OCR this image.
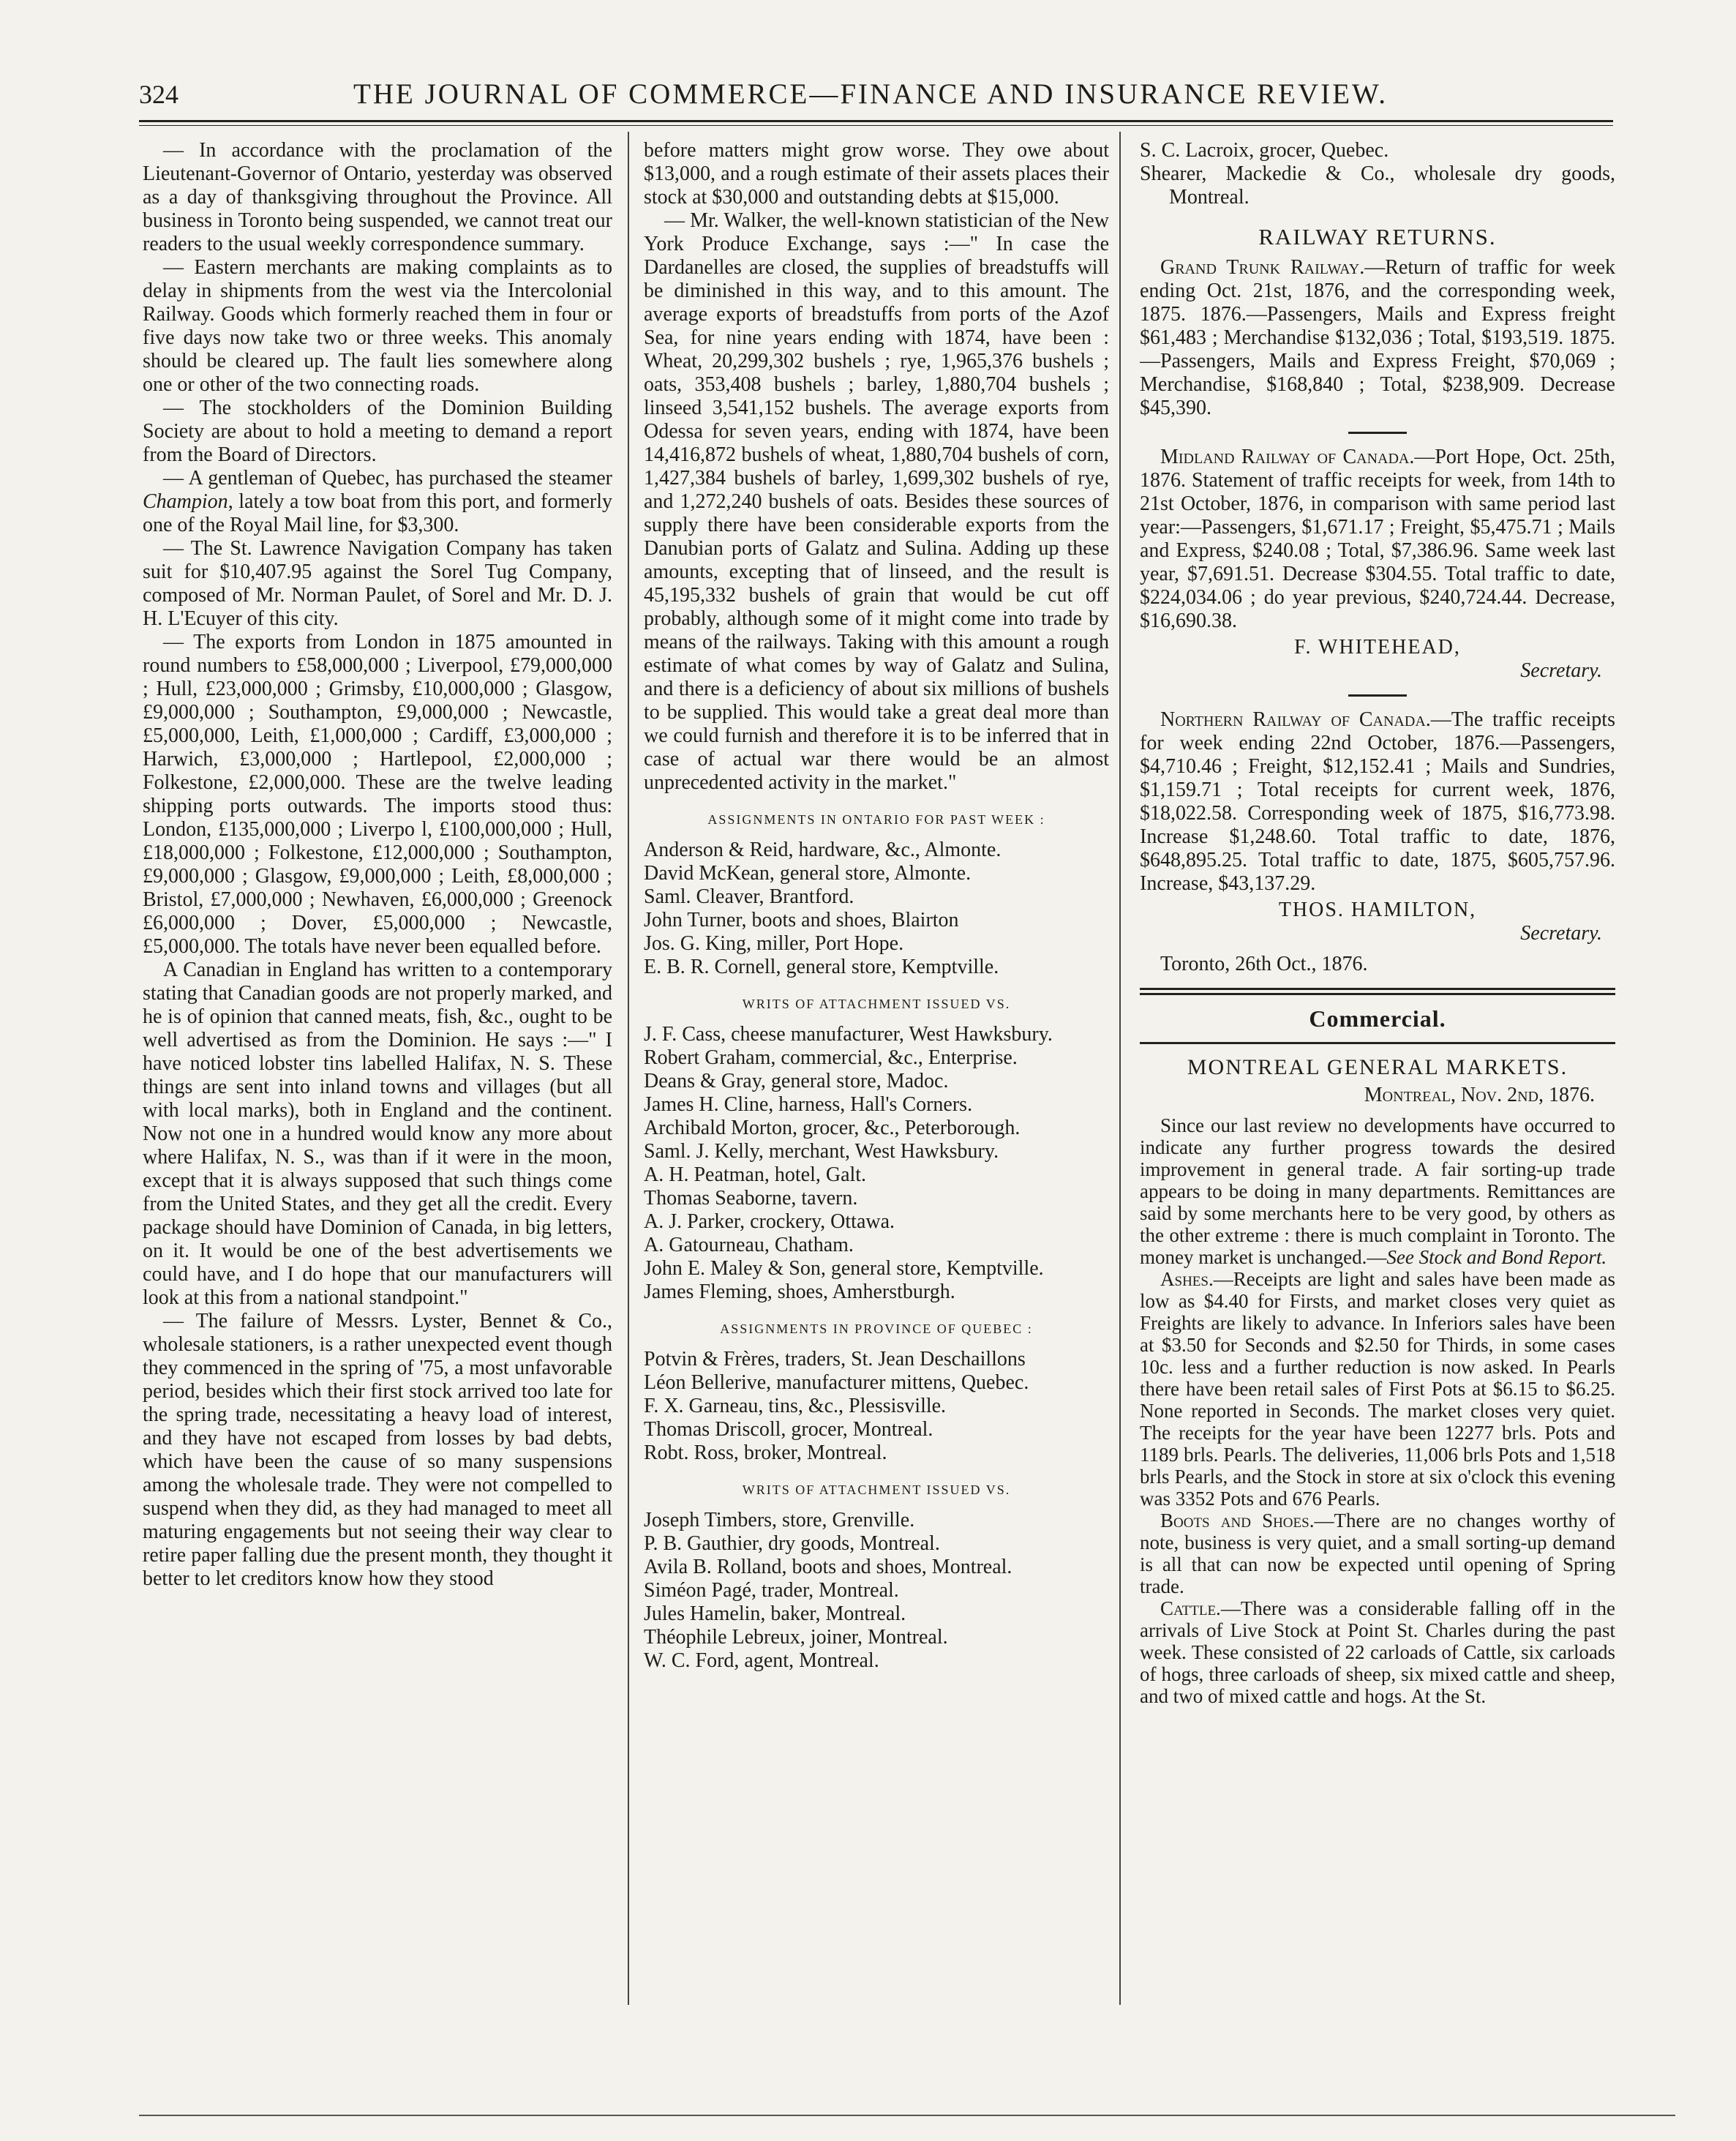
324	THE JOURNAL OF COMMERCE—FINANCE AND INSURANCE REVIEW.

— In accordance with the proclamation of the Lieutenant-Governor of Ontario, yesterday was observed as a day of thanksgiving throughout the Province. All business in Toronto being suspended, we cannot treat our readers to the usual weekly correspondence summary.

— Eastern merchants are making complaints as to delay in shipments from the west via the Intercolonial Railway. Goods which formerly reached them in four or five days now take two or three weeks. This anomaly should be cleared up. The fault lies somewhere along one or other of the two connecting roads.

— The stockholders of the Dominion Building Society are about to hold a meeting to demand a report from the Board of Directors.

— A gentleman of Quebec, has purchased the steamer Champion, lately a tow boat from this port, and formerly one of the Royal Mail line, for $3,300.

— The St. Lawrence Navigation Company has taken suit for $10,407.95 against the Sorel Tug Company, composed of Mr. Norman Paulet, of Sorel and Mr. D. J. H. L'Ecuyer of this city.

— The exports from London in 1875 amounted in round numbers to £58,000,000 ; Liverpool, £79,000,000 ; Hull, £23,000,000 ; Grimsby, £10,000,000 ; Glasgow, £9,000,000 ; Southampton, £9,000,000 ; Newcastle, £5,000,000, Leith, £1,000,000 ; Cardiff, £3,000,000 ; Harwich, £3,000,000 ; Hartlepool, £2,000,000 ; Folkestone, £2,000,000. These are the twelve leading shipping ports outwards. The imports stood thus: London, £135,000,000 ; Liverpo l, £100,000,000 ; Hull, £18,000,000 ; Folkestone, £12,000,000 ; Southampton, £9,000,000 ; Glasgow, £9,000,000 ; Leith, £8,000,000 ; Bristol, £7,000,000 ; Newhaven, £6,000,000 ; Greenock £6,000,000 ; Dover, £5,000,000 ; Newcastle, £5,000,000. The totals have never been equalled before.

A Canadian in England has written to a contemporary stating that Canadian goods are not properly marked, and he is of opinion that canned meats, fish, &c., ought to be well advertised as from the Dominion. He says :—" I have noticed lobster tins labelled Halifax, N. S. These things are sent into inland towns and villages (but all with local marks), both in England and the continent. Now not one in a hundred would know any more about where Halifax, N. S., was than if it were in the moon, except that it is always supposed that such things come from the United States, and they get all the credit. Every package should have Dominion of Canada, in big letters, on it. It would be one of the best advertisements we could have, and I do hope that our manufacturers will look at this from a national standpoint."

— The failure of Messrs. Lyster, Bennet & Co., wholesale stationers, is a rather unexpected event though they commenced in the spring of '75, a most unfavorable period, besides which their first stock arrived too late for the spring trade, necessitating a heavy load of interest, and they have not escaped from losses by bad debts, which have been the cause of so many suspensions among the wholesale trade. They were not compelled to suspend when they did, as they had managed to meet all maturing engagements but not seeing their way clear to retire paper falling due the present month, they thought it better to let creditors know how they stood

before matters might grow worse. They owe about $13,000, and a rough estimate of their assets places their stock at $30,000 and outstanding debts at $15,000.

— Mr. Walker, the well-known statistician of the New York Produce Exchange, says :—" In case the Dardanelles are closed, the supplies of breadstuffs will be diminished in this way, and to this amount. The average exports of breadstuffs from ports of the Azof Sea, for nine years ending with 1874, have been : Wheat, 20,299,302 bushels ; rye, 1,965,376 bushels ; oats, 353,408 bushels ; barley, 1,880,704 bushels ; linseed 3,541,152 bushels. The average exports from Odessa for seven years, ending with 1874, have been 14,416,872 bushels of wheat, 1,880,704 bushels of corn, 1,427,384 bushels of barley, 1,699,302 bushels of rye, and 1,272,240 bushels of oats. Besides these sources of supply there have been considerable exports from the Danubian ports of Galatz and Sulina. Adding up these amounts, excepting that of linseed, and the result is 45,195,332 bushels of grain that would be cut off probably, although some of it might come into trade by means of the railways. Taking with this amount a rough estimate of what comes by way of Galatz and Sulina, and there is a deficiency of about six millions of bushels to be supplied. This would take a great deal more than we could furnish and therefore it is to be inferred that in case of actual war there would be an almost unprecedented activity in the market."

ASSIGNMENTS IN ONTARIO FOR PAST WEEK :

Anderson & Reid, hardware, &c., Almonte.

David McKean, general store, Almonte.

Saml. Cleaver, Brantford.

John Turner, boots and shoes, Blairton

Jos. G. King, miller, Port Hope.

E. B. R. Cornell, general store, Kemptville.

WRITS OF ATTACHMENT ISSUED VS.

J. F. Cass, cheese manufacturer, West Hawksbury.

Robert Graham, commercial, &c., Enterprise.

Deans & Gray, general store, Madoc.

James H. Cline, harness, Hall's Corners.

Archibald Morton, grocer, &c., Peterborough.

Saml. J. Kelly, merchant, West Hawksbury.

A. H. Peatman, hotel, Galt.

Thomas Seaborne, tavern.

A. J. Parker, crockery, Ottawa.

A. Gatourneau, Chatham.

John E. Maley & Son, general store, Kemptville.

James Fleming, shoes, Amherstburgh.

ASSIGNMENTS IN PROVINCE OF QUEBEC :

Potvin & Frères, traders, St. Jean Deschaillons

Léon Bellerive, manufacturer mittens, Quebec.

F. X. Garneau, tins, &c., Plessisville.

Thomas Driscoll, grocer, Montreal.

Robt. Ross, broker, Montreal.

WRITS OF ATTACHMENT ISSUED VS.

Joseph Timbers, store, Grenville.

P. B. Gauthier, dry goods, Montreal.

Avila B. Rolland, boots and shoes, Montreal.

Siméon Pagé, trader, Montreal.

Jules Hamelin, baker, Montreal.

Théophile Lebreux, joiner, Montreal.

W. C. Ford, agent, Montreal.

S. C. Lacroix, grocer, Quebec.

Shearer, Mackedie & Co., wholesale dry goods, Montreal.

RAILWAY RETURNS.

Grand Trunk Railway.—Return of traffic for week ending Oct. 21st, 1876, and the corresponding week, 1875. 1876.—Passengers, Mails and Express freight $61,483 ; Merchandise $132,036 ; Total, $193,519. 1875.—Passengers, Mails and Express Freight, $70,069 ; Merchandise, $168,840 ; Total, $238,909. Decrease $45,390.

Midland Railway of Canada.—Port Hope, Oct. 25th, 1876. Statement of traffic receipts for week, from 14th to 21st October, 1876, in comparison with same period last year:—Passengers, $1,671.17 ; Freight, $5,475.71 ; Mails and Express, $240.08 ; Total, $7,386.96. Same week last year, $7,691.51. Decrease $304.55. Total traffic to date, $224,034.06 ; do year previous, $240,724.44. Decrease, $16,690.38.

F. WHITEHEAD,
Secretary.

Northern Railway of Canada.—The traffic receipts for week ending 22nd October, 1876.—Passengers, $4,710.46 ; Freight, $12,152.41 ; Mails and Sundries, $1,159.71 ; Total receipts for current week, 1876, $18,022.58. Corresponding week of 1875, $16,773.98. Increase $1,248.60. Total traffic to date, 1876, $648,895.25. Total traffic to date, 1875, $605,757.96. Increase, $43,137.29.

THOS. HAMILTON,
Secretary.
Toronto, 26th Oct., 1876.
Commercial.
MONTREAL GENERAL MARKETS.
Montreal, Nov. 2nd, 1876.

Since our last review no developments have occurred to indicate any further progress towards the desired improvement in general trade. A fair sorting-up trade appears to be doing in many departments. Remittances are said by some merchants here to be very good, by others as the other extreme : there is much complaint in Toronto. The money market is unchanged.—See Stock and Bond Report.

Ashes.—Receipts are light and sales have been made as low as $4.40 for Firsts, and market closes very quiet as Freights are likely to advance. In Inferiors sales have been at $3.50 for Seconds and $2.50 for Thirds, in some cases 10c. less and a further reduction is now asked. In Pearls there have been retail sales of First Pots at $6.15 to $6.25. None reported in Seconds. The market closes very quiet. The receipts for the year have been 12277 brls. Pots and 1189 brls. Pearls. The deliveries, 11,006 brls Pots and 1,518 brls Pearls, and the Stock in store at six o'clock this evening was 3352 Pots and 676 Pearls.

Boots and Shoes.—There are no changes worthy of note, business is very quiet, and a small sorting-up demand is all that can now be expected until opening of Spring trade.

Cattle.—There was a considerable falling off in the arrivals of Live Stock at Point St. Charles during the past week. These consisted of 22 carloads of Cattle, six carloads of hogs, three carloads of sheep, six mixed cattle and sheep, and two of mixed cattle and hogs. At the St.
